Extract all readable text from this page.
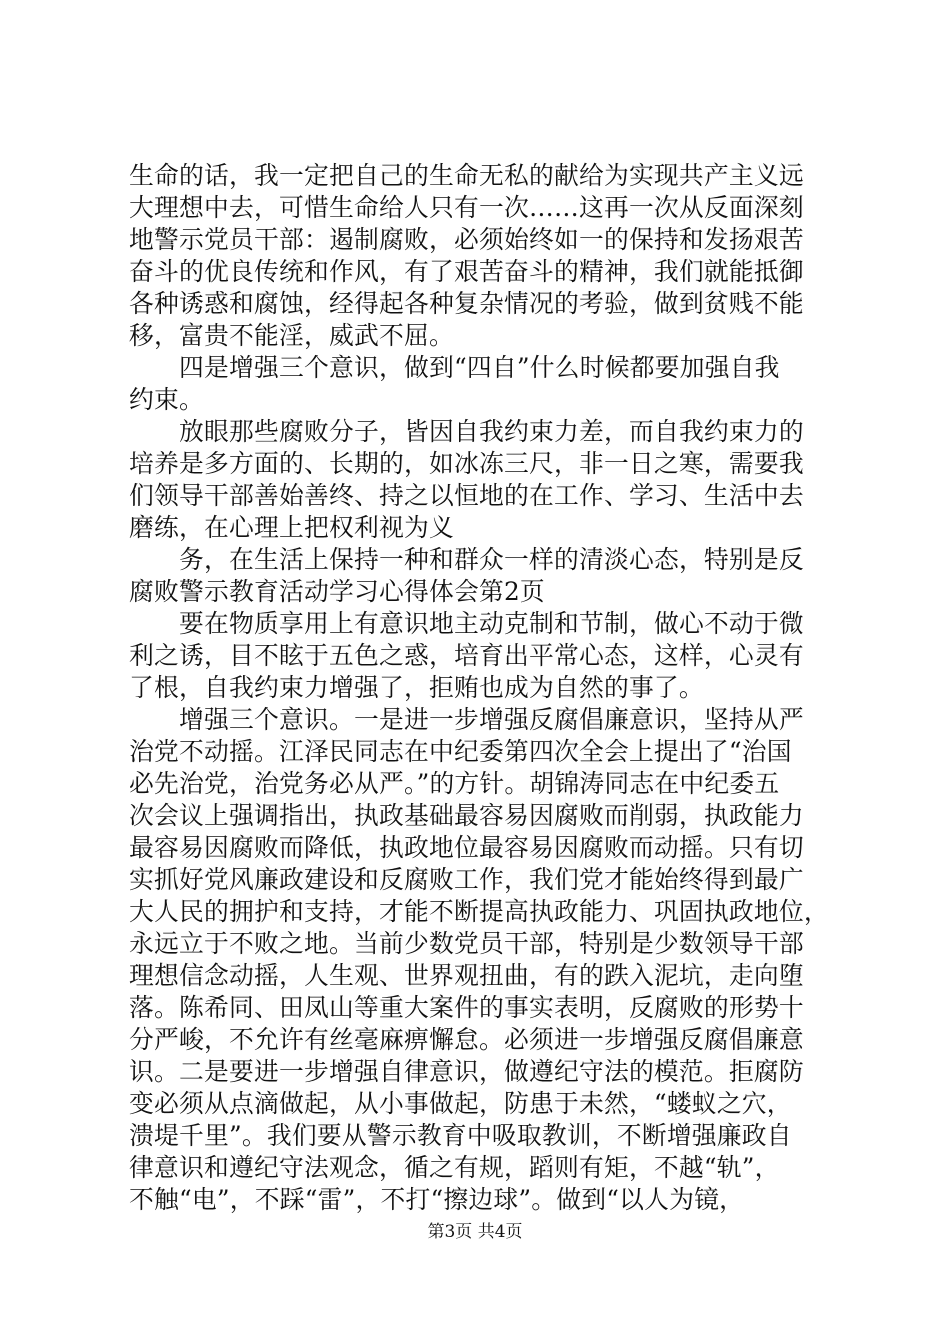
生命的话，我一定把自己的生命无私的献给为实现共产主义远
大理想中去，可惜生命给人只有一次……这再一次从反面深刻
地警示党员干部：遏制腐败，必须始终如一的保持和发扬艰苦
奋斗的优良传统和作风，有了艰苦奋斗的精神，我们就能抵御
各种诱惑和腐蚀，经得起各种复杂情况的考验，做到贫贱不能
移，富贵不能淫，威武不屈。
四是增强三个意识，做到“四自”什么时候都要加强自我
约束。
放眼那些腐败分子，皆因自我约束力差，而自我约束力的
培养是多方面的、长期的，如冰冻三尺，非一日之寒，需要我
们领导干部善始善终、持之以恒地的在工作、学习、生活中去
磨练，在心理上把权利视为义
务，在生活上保持一种和群众一样的清淡心态，特别是反
腐败警示教育活动学习心得体会第2页
要在物质享用上有意识地主动克制和节制，做心不动于微
利之诱，目不眩于五色之惑，培育出平常心态，这样，心灵有
了根，自我约束力增强了，拒贿也成为自然的事了。
增强三个意识。一是进一步增强反腐倡廉意识，坚持从严
治党不动摇。江泽民同志在中纪委第四次全会上提出了“治国
必先治党，治党务必从严。”的方针。胡锦涛同志在中纪委五
次会议上强调指出，执政基础最容易因腐败而削弱，执政能力
最容易因腐败而降低，执政地位最容易因腐败而动摇。只有切
实抓好党风廉政建设和反腐败工作，我们党才能始终得到最广
大人民的拥护和支持，才能不断提高执政能力、巩固执政地位，
永远立于不败之地。当前少数党员干部，特别是少数领导干部
理想信念动摇，人生观、世界观扭曲，有的跌入泥坑，走向堕
落。陈希同、田凤山等重大案件的事实表明，反腐败的形势十
分严峻，不允许有丝毫麻痹懈怠。必须进一步增强反腐倡廉意
识。二是要进一步增强自律意识，做遵纪守法的模范。拒腐防
变必须从点滴做起，从小事做起，防患于未然，“蝼蚁之穴，
溃堤千里”。我们要从警示教育中吸取教训，不断增强廉政自
律意识和遵纪守法观念，循之有规，蹈则有矩，不越“轨”，
不触“电”，不踩“雷”，不打“擦边球”。做到“以人为镜，
第3页 共4页
